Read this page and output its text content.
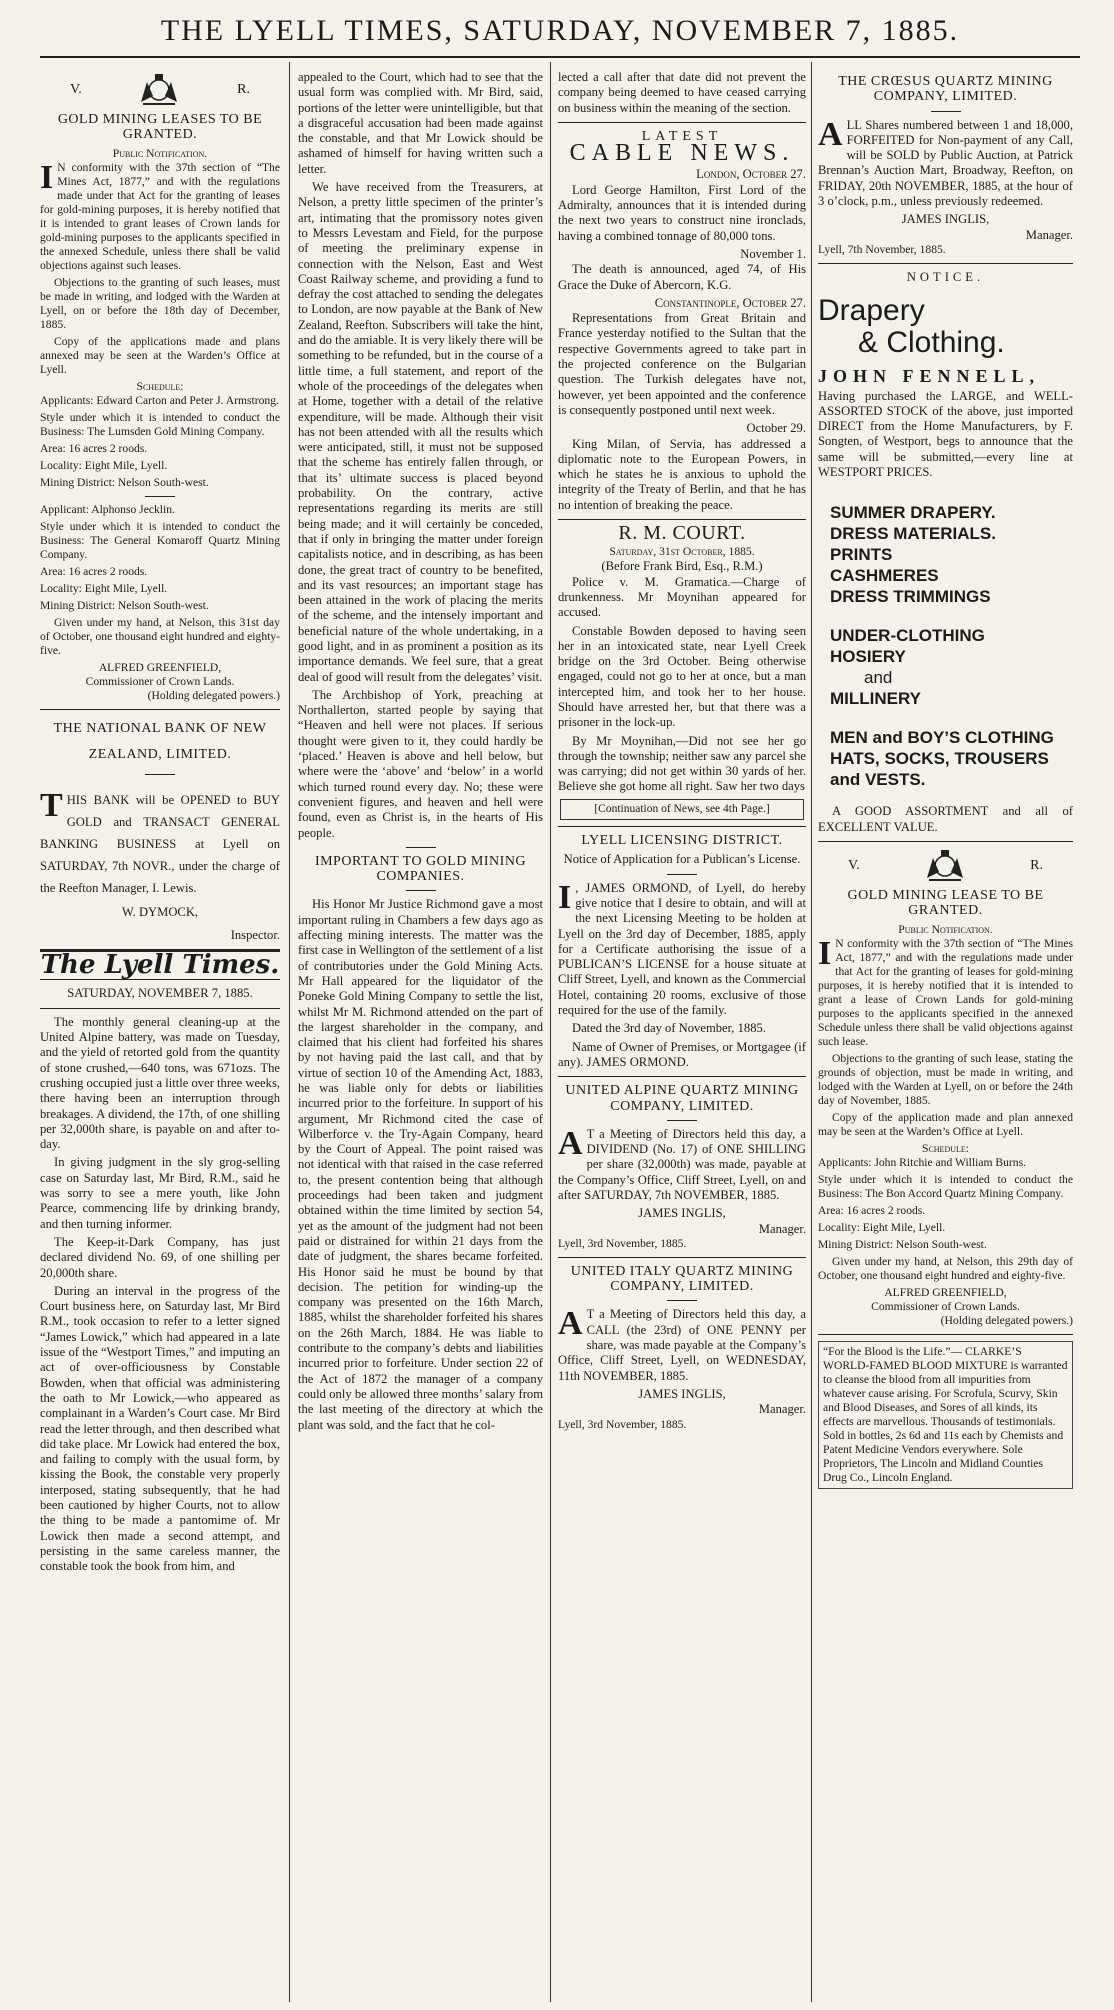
THE LYELL TIMES, SATURDAY, NOVEMBER 7, 1885.
V.	R.
GOLD MINING LEASES TO BE GRANTED.
Public Notification.

I N conformity with the 37th section of “The Mines Act, 1877,” and with the regulations made under that Act for the granting of leases for gold-mining purposes, it is hereby notified that it is intended to grant leases of Crown lands for gold-mining purposes to the applicants specified in the annexed Schedule, unless there shall be valid objections against such leases.

Objections to the granting of such leases, must be made in writing, and lodged with the Warden at Lyell, on or before the 18th day of December, 1885.

Copy of the applications made and plans annexed may be seen at the Warden’s Office at Lyell.

Schedule:

Applicants: Edward Carton and Peter J. Armstrong.

Style under which it is intended to conduct the Business: The Lumsden Gold Mining Company.

Area: 16 acres 2 roods.

Locality: Eight Mile, Lyell.

Mining District: Nelson South-west.

Applicant: Alphonso Jecklin.

Style under which it is intended to conduct the Business: The General Komaroff Quartz Mining Company.

Area: 16 acres 2 roods.

Locality: Eight Mile, Lyell.

Mining District: Nelson South-west.

Given under my hand, at Nelson, this 31st day of October, one thousand eight hundred and eighty-five.

ALFRED GREENFIELD,
Commissioner of Crown Lands.
(Holding delegated powers.)
THE NATIONAL BANK OF NEW ZEALAND, LIMITED.

THIS BANK will be OPENED to BUY GOLD and TRANSACT GENERAL BANKING BUSINESS at Lyell on SATURDAY, 7th NOVR., under the charge of the Reefton Manager, I. Lewis.

W. DYMOCK,
Inspector.
The Lyell Times.
SATURDAY, NOVEMBER 7, 1885.

The monthly general cleaning-up at the United Alpine battery, was made on Tuesday, and the yield of retorted gold from the quantity of stone crushed,—640 tons, was 671ozs. The crushing occupied just a little over three weeks, there having been an interruption through breakages. A dividend, the 17th, of one shilling per 32,000th share, is payable on and after to-day.

In giving judgment in the sly grog-selling case on Saturday last, Mr Bird, R.M., said he was sorry to see a mere youth, like John Pearce, commencing life by drinking brandy, and then turning informer.

The Keep-it-Dark Company, has just declared dividend No. 69, of one shilling per 20,000th share.

During an interval in the progress of the Court business here, on Saturday last, Mr Bird R.M., took occasion to refer to a letter signed “James Lowick,” which had appeared in a late issue of the “Westport Times,” and imputing an act of over-officiousness by Constable Bowden, when that official was administering the oath to Mr Lowick,—who appeared as complainant in a Warden’s Court case. Mr Bird read the letter through, and then described what did take place. Mr Lowick had entered the box, and failing to comply with the usual form, by kissing the Book, the constable very properly interposed, stating subsequently, that he had been cautioned by higher Courts, not to allow the thing to be made a pantomime of. Mr Lowick then made a second attempt, and persisting in the same careless manner, the constable took the book from him, and

appealed to the Court, which had to see that the usual form was complied with. Mr Bird, said, portions of the letter were unintelligible, but that a disgraceful accusation had been made against the constable, and that Mr Lowick should be ashamed of himself for having written such a letter.

We have received from the Treasurers, at Nelson, a pretty little specimen of the printer’s art, intimating that the promissory notes given to Messrs Levestam and Field, for the purpose of meeting the preliminary expense in connection with the Nelson, East and West Coast Railway scheme, and providing a fund to defray the cost attached to sending the delegates to London, are now payable at the Bank of New Zealand, Reefton. Subscribers will take the hint, and do the amiable. It is very likely there will be something to be refunded, but in the course of a little time, a full statement, and report of the whole of the proceedings of the delegates when at Home, together with a detail of the relative expenditure, will be made. Although their visit has not been attended with all the results which were anticipated, still, it must not be supposed that the scheme has entirely fallen through, or that its’ ultimate success is placed beyond probability. On the contrary, active representations regarding its merits are still being made; and it will certainly be conceded, that if only in bringing the matter under foreign capitalists notice, and in describing, as has been done, the great tract of country to be benefited, and its vast resources; an important stage has been attained in the work of placing the merits of the scheme, and the intensely important and beneficial nature of the whole undertaking, in a good light, and in as prominent a position as its importance demands. We feel sure, that a great deal of good will result from the delegates’ visit.

The Archbishop of York, preaching at Northallerton, started people by saying that “Heaven and hell were not places. If serious thought were given to it, they could hardly be ‘placed.’ Heaven is above and hell below, but where were the ‘above’ and ‘below’ in a world which turned round every day. No; these were convenient figures, and heaven and hell were found, even as Christ is, in the hearts of His people.

IMPORTANT TO GOLD MINING COMPANIES.

His Honor Mr Justice Richmond gave a most important ruling in Chambers a few days ago as affecting mining interests. The matter was the first case in Wellington of the settlement of a list of contributories under the Gold Mining Acts. Mr Hall appeared for the liquidator of the Poneke Gold Mining Company to settle the list, whilst Mr M. Richmond attended on the part of the largest shareholder in the company, and claimed that his client had forfeited his shares by not having paid the last call, and that by virtue of section 10 of the Amending Act, 1883, he was liable only for debts or liabilities incurred prior to the forfeiture. In support of his argument, Mr Richmond cited the case of Wilberforce v. the Try-Again Company, heard by the Court of Appeal. The point raised was not identical with that raised in the case referred to, the present contention being that although proceedings had been taken and judgment obtained within the time limited by section 54, yet as the amount of the judgment had not been paid or distrained for within 21 days from the date of judgment, the shares became forfeited. His Honor said he must be bound by that decision. The petition for winding-up the company was presented on the 16th March, 1885, whilst the shareholder forfeited his shares on the 26th March, 1884. He was liable to contribute to the company’s debts and liabilities incurred prior to forfeiture. Under section 22 of the Act of 1872 the manager of a company could only be allowed three months’ salary from the last meeting of the directory at which the plant was sold, and the fact that he col-

lected a call after that date did not prevent the company being deemed to have ceased carrying on business within the meaning of the section.

LATEST
CABLE NEWS.
London, October 27.

Lord George Hamilton, First Lord of the Admiralty, announces that it is intended during the next two years to construct nine ironclads, having a combined tonnage of 80,000 tons.

November 1.

The death is announced, aged 74, of His Grace the Duke of Abercorn, K.G.

Constantinople, October 27.

Representations from Great Britain and France yesterday notified to the Sultan that the respective Governments agreed to take part in the projected conference on the Bulgarian question. The Turkish delegates have not, however, yet been appointed and the conference is consequently postponed until next week.

October 29.

King Milan, of Servia, has addressed a diplomatic note to the European Powers, in which he states he is anxious to uphold the integrity of the Treaty of Berlin, and that he has no intention of breaking the peace.

R. M. COURT.
Saturday, 31st October, 1885.
(Before Frank Bird, Esq., R.M.)

Police v. M. Gramatica.—Charge of drunkenness. Mr Moynihan appeared for accused.

Constable Bowden deposed to having seen her in an intoxicated state, near Lyell Creek bridge on the 3rd October. Being otherwise engaged, could not go to her at once, but a man intercepted him, and took her to her house. Should have arrested her, but that there was a prisoner in the lock-up.

By Mr Moynihan,—Did not see her go through the township; neither saw any parcel she was carrying; did not get within 30 yards of her. Believe she got home all right. Saw her two days

[Continuation of News, see 4th Page.]
LYELL LICENSING DISTRICT.
Notice of Application for a Publican’s License.

I , JAMES ORMOND, of Lyell, do hereby give notice that I desire to obtain, and will at the next Licensing Meeting to be holden at Lyell on the 3rd day of December, 1885, apply for a Certificate authorising the issue of a PUBLICAN’S LICENSE for a house situate at Cliff Street, Lyell, and known as the Commercial Hotel, containing 20 rooms, exclusive of those required for the use of the family.

Dated the 3rd day of November, 1885.

Name of Owner of Premises, or Mortgagee (if any). JAMES ORMOND.

UNITED ALPINE QUARTZ MINING COMPANY, LIMITED.

A T a Meeting of Directors held this day, a DIVIDEND (No. 17) of ONE SHILLING per share (32,000th) was made, payable at the Company’s Office, Cliff Street, Lyell, on and after SATURDAY, 7th NOVEMBER, 1885.

JAMES INGLIS,
Manager.
Lyell, 3rd November, 1885.
UNITED ITALY QUARTZ MINING COMPANY, LIMITED.

A T a Meeting of Directors held this day, a CALL (the 23rd) of ONE PENNY per share, was made payable at the Company’s Office, Cliff Street, Lyell, on WEDNESDAY, 11th NOVEMBER, 1885.

JAMES INGLIS,
Manager.
Lyell, 3rd November, 1885.
THE CRŒSUS QUARTZ MINING COMPANY, LIMITED.

ALL Shares numbered between 1 and 18,000, FORFEITED for Non-payment of any Call, will be SOLD by Public Auction, at Patrick Brennan’s Auction Mart, Broadway, Reefton, on FRIDAY, 20th NOVEMBER, 1885, at the hour of 3 o’clock, p.m., unless previously redeemed.

JAMES INGLIS,
Manager.
Lyell, 7th November, 1885.
NOTICE.
Drapery
& Clothing.
JOHN FENNELL,

Having purchased the LARGE, and WELL-ASSORTED STOCK of the above, just imported DIRECT from the Home Manufacturers, by F. Songten, of Westport, begs to announce that the same will be submitted,—every line at WESTPORT PRICES.

SUMMER DRAPERY.
DRESS MATERIALS.
PRINTS
CASHMERES
DRESS TRIMMINGS
UNDER-CLOTHING
HOSIERY
and
MILLINERY
MEN and BOY’S CLOTHING
HATS, SOCKS, TROUSERS and VESTS.

A GOOD ASSORTMENT and all of EXCELLENT VALUE.

V.	R.
GOLD MINING LEASE TO BE GRANTED.
Public Notification.

I N conformity with the 37th section of “The Mines Act, 1877,” and with the regulations made under that Act for the granting of leases for gold-mining purposes, it is hereby notified that it is intended to grant a lease of Crown Lands for gold-mining purposes to the applicants specified in the annexed Schedule unless there shall be valid objections against such lease.

Objections to the granting of such lease, stating the grounds of objection, must be made in writing, and lodged with the Warden at Lyell, on or before the 24th day of November, 1885.

Copy of the application made and plan annexed may be seen at the Warden’s Office at Lyell.

Schedule:

Applicants: John Ritchie and William Burns.

Style under which it is intended to conduct the Business: The Bon Accord Quartz Mining Company.

Area: 16 acres 2 roods.

Locality: Eight Mile, Lyell.

Mining District: Nelson South-west.

Given under my hand, at Nelson, this 29th day of October, one thousand eight hundred and eighty-five.

ALFRED GREENFIELD,
Commissioner of Crown Lands.
(Holding delegated powers.)
“For the Blood is the Life.”— CLARKE’S WORLD-FAMED BLOOD MIXTURE is warranted to cleanse the blood from all impurities from whatever cause arising. For Scrofula, Scurvy, Skin and Blood Diseases, and Sores of all kinds, its effects are marvellous. Thousands of testimonials. Sold in bottles, 2s 6d and 11s each by Chemists and Patent Medicine Vendors everywhere. Sole Proprietors, The Lincoln and Midland Counties Drug Co., Lincoln England.
